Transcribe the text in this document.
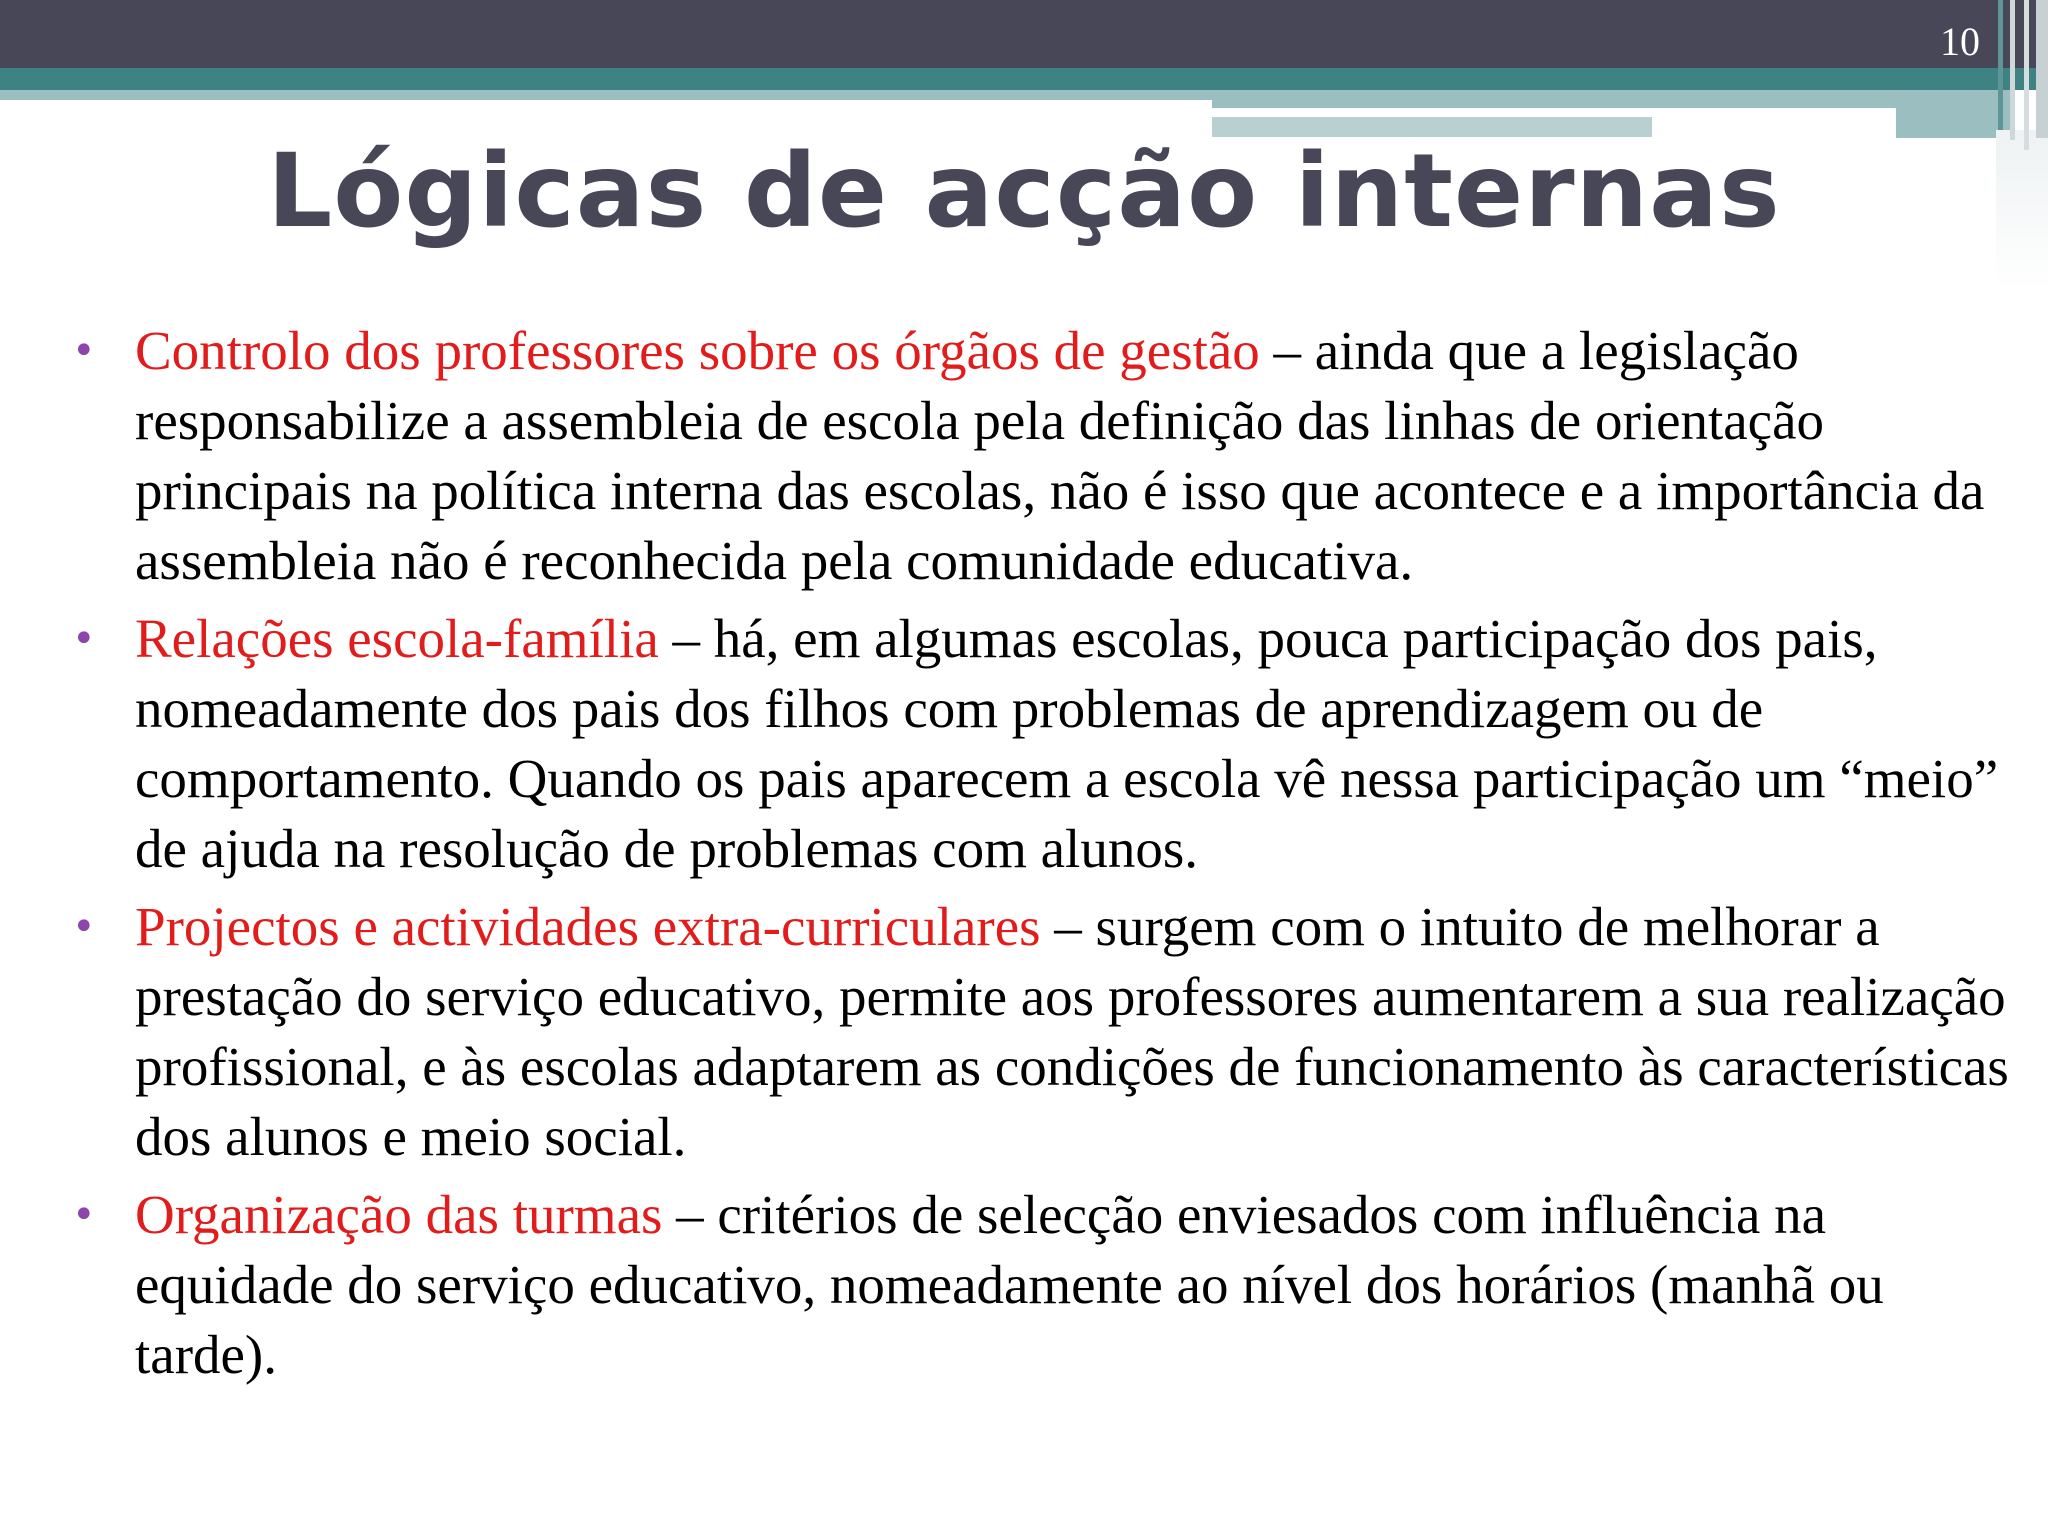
10
Lógicas de acção internas
• Controlo dos professores sobre os órgãos de gestão – ainda que a legislação responsabilize a assembleia de escola pela definição das linhas de orientação principais na política interna das escolas, não é isso que acontece e a importância da assembleia não é reconhecida pela comunidade educativa.
• Relações escola-família – há, em algumas escolas, pouca participação dos pais, nomeadamente dos pais dos filhos com problemas de aprendizagem ou de comportamento. Quando os pais aparecem a escola vê nessa participação um “meio” de ajuda na resolução de problemas com alunos.
• Projectos e actividades extra-curriculares – surgem com o intuito de melhorar a prestação do serviço educativo, permite aos professores aumentarem a sua realização profissional, e às escolas adaptarem as condições de funcionamento às características dos alunos e meio social.
• Organização das turmas – critérios de selecção enviesados com influência na equidade do serviço educativo, nomeadamente ao nível dos horários (manhã ou tarde).
